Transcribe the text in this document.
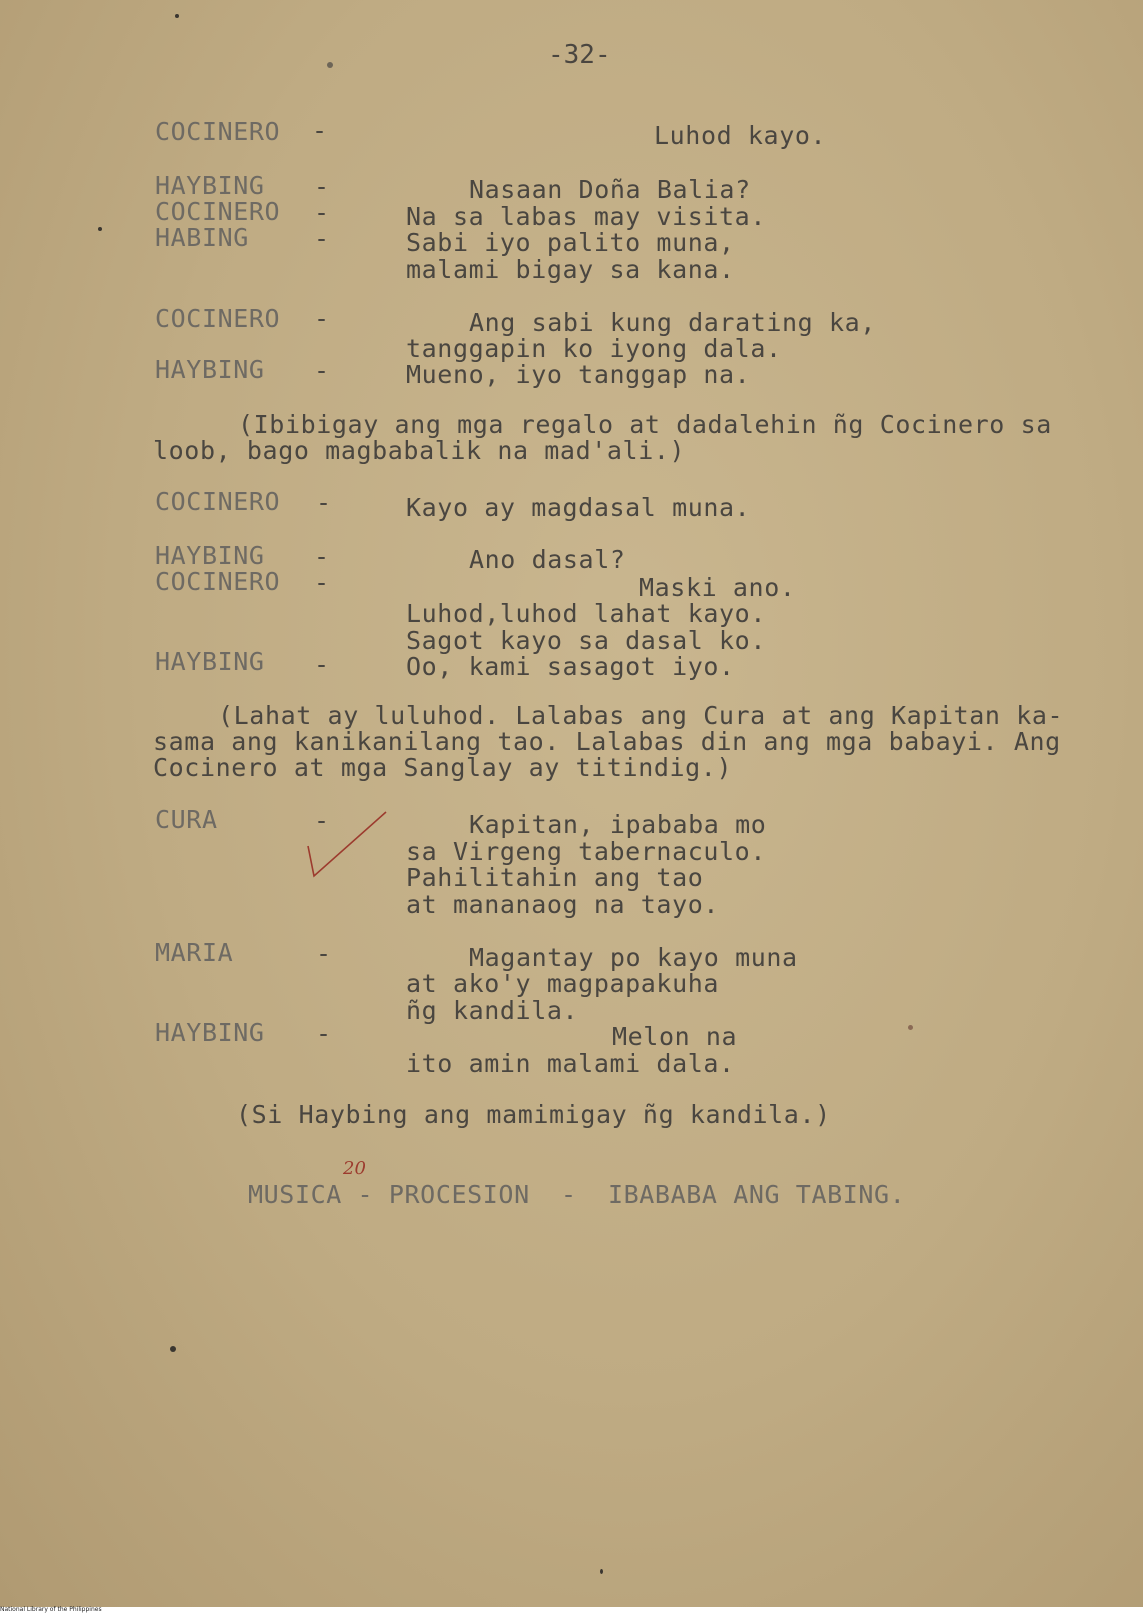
-32-
COCINERO -	Luhod kayo.
HAYBING -	Nasaan Doña Balia?
COCINERO -	Na sa labas may visita.
HABING	-	Sabi iyo palito muna,
malami bigay sa kana.
COCINERO -	Ang sabi kung darating ka,
tanggapin ko iyong dala.
HAYBING -	Mueno, iyo tanggap na.
(Ibibigay ang mga regalo at dadalehin ñg Cocinero sa
loob, bago magbabalik na mad'ali.)
COCINERO -	Kayo ay magdasal muna.
HAYBING -	Ano dasal?
COCINERO -	Maski ano.
Luhod,luhod lahat kayo.
Sagot kayo sa dasal ko.
HAYBING -	Oo, kami sasagot iyo.
(Lahat ay luluhod. Lalabas ang Cura at ang Kapitan ka-
sama ang kanikanilang tao. Lalabas din ang mga babayi. Ang
Cocinero at mga Sanglay ay titindig.)
CURA	-	Kapitan, ipababa mo
sa Virgeng tabernaculo.
Pahilitahin ang tao
at mananaog na tayo.
MARIA	-	Magantay po kayo muna
at ako'y magpapakuha
ñg kandila.
HAYBING -	Melon na
ito amin malami dala.
(Si Haybing ang mamimigay ñg kandila.)
20
MUSICA - PROCESION  -  IBABABA ANG TABING.
National Library of the Philippines
